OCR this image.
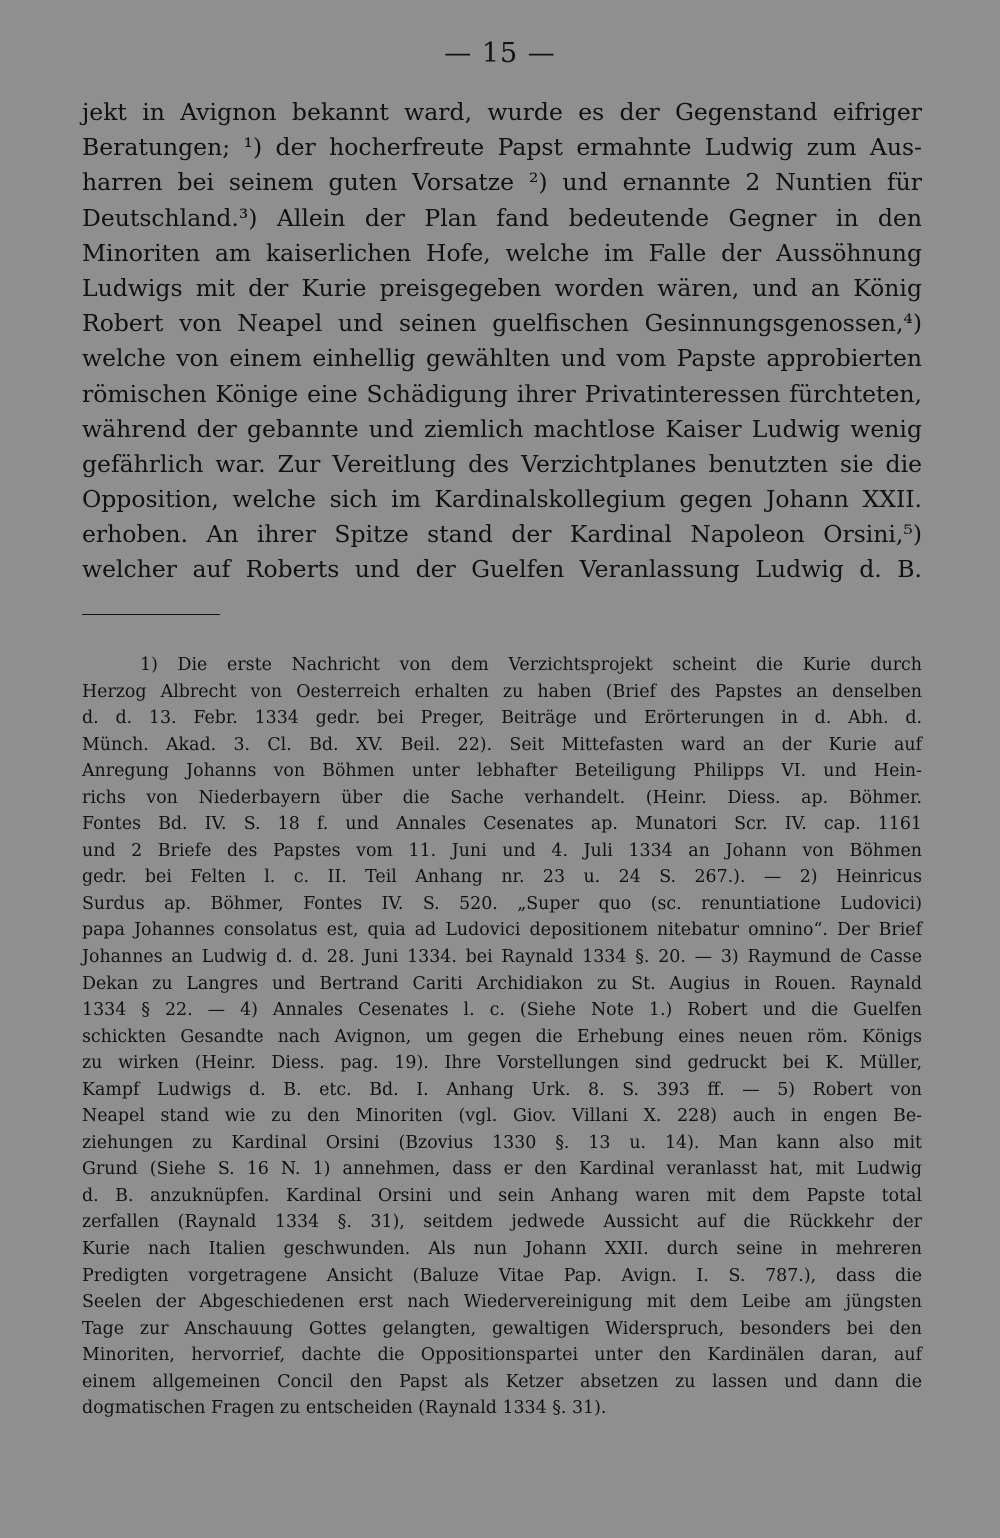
— 15 —
jekt in Avignon bekannt ward, wurde es der Gegenstand eifriger
Beratungen; ¹) der hocherfreute Papst ermahnte Ludwig zum Aus-
harren bei seinem guten Vorsatze ²) und ernannte 2 Nuntien für
Deutschland.³) Allein der Plan fand bedeutende Gegner in den
Minoriten am kaiserlichen Hofe, welche im Falle der Aussöhnung
Ludwigs mit der Kurie preisgegeben worden wären, und an König
Robert von Neapel und seinen guelfischen Gesinnungsgenossen,⁴)
welche von einem einhellig gewählten und vom Papste approbierten
römischen Könige eine Schädigung ihrer Privatinteressen fürchteten,
während der gebannte und ziemlich machtlose Kaiser Ludwig wenig
gefährlich war. Zur Vereitlung des Verzichtplanes benutzten sie die
Opposition, welche sich im Kardinalskollegium gegen Johann XXII.
erhoben. An ihrer Spitze stand der Kardinal Napoleon Orsini,⁵)
welcher auf Roberts und der Guelfen Veranlassung Ludwig d. B.
1) Die erste Nachricht von dem Verzichtsprojekt scheint die Kurie durch
Herzog Albrecht von Oesterreich erhalten zu haben (Brief des Papstes an denselben
d. d. 13. Febr. 1334 gedr. bei Preger, Beiträge und Erörterungen in d. Abh. d.
Münch. Akad. 3. Cl. Bd. XV. Beil. 22). Seit Mittefasten ward an der Kurie auf
Anregung Johanns von Böhmen unter lebhafter Beteiligung Philipps VI. und Hein-
richs von Niederbayern über die Sache verhandelt. (Heinr. Diess. ap. Böhmer.
Fontes Bd. IV. S. 18 f. und Annales Cesenates ap. Munatori Scr. IV. cap. 1161
und 2 Briefe des Papstes vom 11. Juni und 4. Juli 1334 an Johann von Böhmen
gedr. bei Felten l. c. II. Teil Anhang nr. 23 u. 24 S. 267.). — 2) Heinricus
Surdus ap. Böhmer, Fontes IV. S. 520. „Super quo (sc. renuntiatione Ludovici)
papa Johannes consolatus est, quia ad Ludovici depositionem nitebatur omnino“. Der Brief
Johannes an Ludwig d. d. 28. Juni 1334. bei Raynald 1334 §. 20. — 3) Raymund de Casse
Dekan zu Langres und Bertrand Cariti Archidiakon zu St. Augius in Rouen. Raynald
1334 § 22. — 4) Annales Cesenates l. c. (Siehe Note 1.) Robert und die Guelfen
schickten Gesandte nach Avignon, um gegen die Erhebung eines neuen röm. Königs
zu wirken (Heinr. Diess. pag. 19). Ihre Vorstellungen sind gedruckt bei K. Müller,
Kampf Ludwigs d. B. etc. Bd. I. Anhang Urk. 8. S. 393 ff. — 5) Robert von
Neapel stand wie zu den Minoriten (vgl. Giov. Villani X. 228) auch in engen Be-
ziehungen zu Kardinal Orsini (Bzovius 1330 §. 13 u. 14). Man kann also mit
Grund (Siehe S. 16 N. 1) annehmen, dass er den Kardinal veranlasst hat, mit Ludwig
d. B. anzuknüpfen. Kardinal Orsini und sein Anhang waren mit dem Papste total
zerfallen (Raynald 1334 §. 31), seitdem jedwede Aussicht auf die Rückkehr der
Kurie nach Italien geschwunden. Als nun Johann XXII. durch seine in mehreren
Predigten vorgetragene Ansicht (Baluze Vitae Pap. Avign. I. S. 787.), dass die
Seelen der Abgeschiedenen erst nach Wiedervereinigung mit dem Leibe am jüngsten
Tage zur Anschauung Gottes gelangten, gewaltigen Widerspruch, besonders bei den
Minoriten, hervorrief, dachte die Oppositionspartei unter den Kardinälen daran, auf
einem allgemeinen Concil den Papst als Ketzer absetzen zu lassen und dann die
dogmatischen Fragen zu entscheiden (Raynald 1334 §. 31).
